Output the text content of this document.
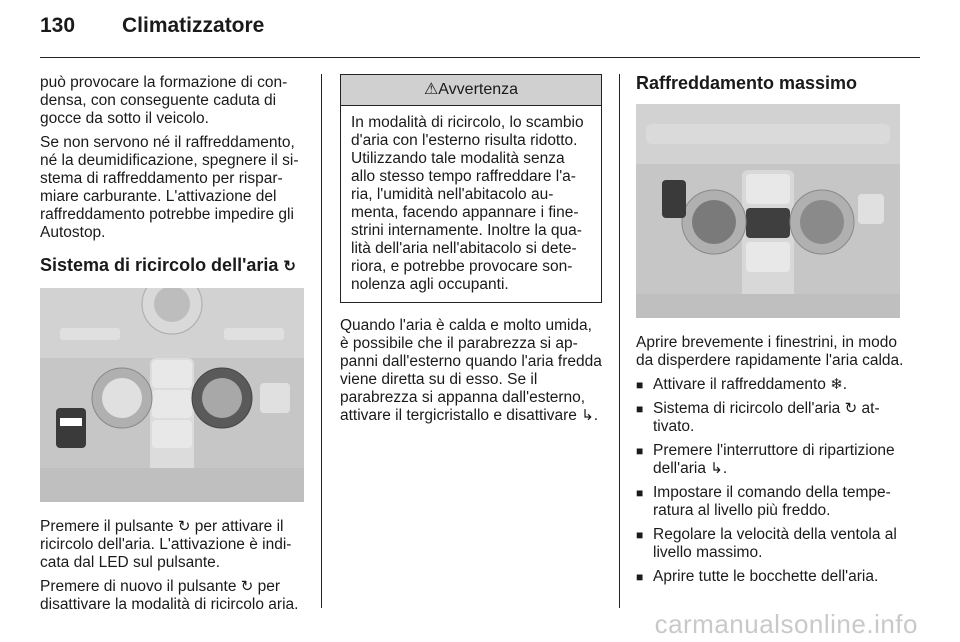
130 Climatizzatore

può provocare la formazione di con-densa, con conseguente caduta di gocce da sotto il veicolo.

Se non servono né il raffreddamento, né la deumidificazione, spegnere il si-stema di raffreddamento per rispar-miare carburante. L'attivazione del raffreddamento potrebbe impedire gli Autostop.

Sistema di ricircolo dell'aria ↻

Premere il pulsante ↻ per attivare il ricircolo dell'aria. L'attivazione è indi-cata dal LED sul pulsante.

Premere di nuovo il pulsante ↻ per disattivare la modalità di ricircolo aria.

⚠Avvertenza
In modalità di ricircolo, lo scambio d'aria con l'esterno risulta ridotto. Utilizzando tale modalità senza allo stesso tempo raffreddare l'a-ria, l'umidità nell'abitacolo au-menta, facendo appannare i fine-strini internamente. Inoltre la qua-lità dell'aria nell'abitacolo si dete-riora, e potrebbe provocare son-nolenza agli occupanti.

Quando l'aria è calda e molto umida, è possibile che il parabrezza si ap-panni dall'esterno quando l'aria fredda viene diretta su di esso. Se il parabrezza si appanna dall'esterno, attivare il tergicristallo e disattivare ↳.

Raffreddamento massimo

Aprire brevemente i finestrini, in modo da disperdere rapidamente l'aria calda.

■ Attivare il raffreddamento ❄.
■ Sistema di ricircolo dell'aria ↻ at-tivato.
■ Premere l'interruttore di ripartizione dell'aria ↳.
■ Impostare il comando della tempe-ratura al livello più freddo.
■ Regolare la velocità della ventola al livello massimo.
■ Aprire tutte le bocchette dell'aria.
carmanualsonline.info
